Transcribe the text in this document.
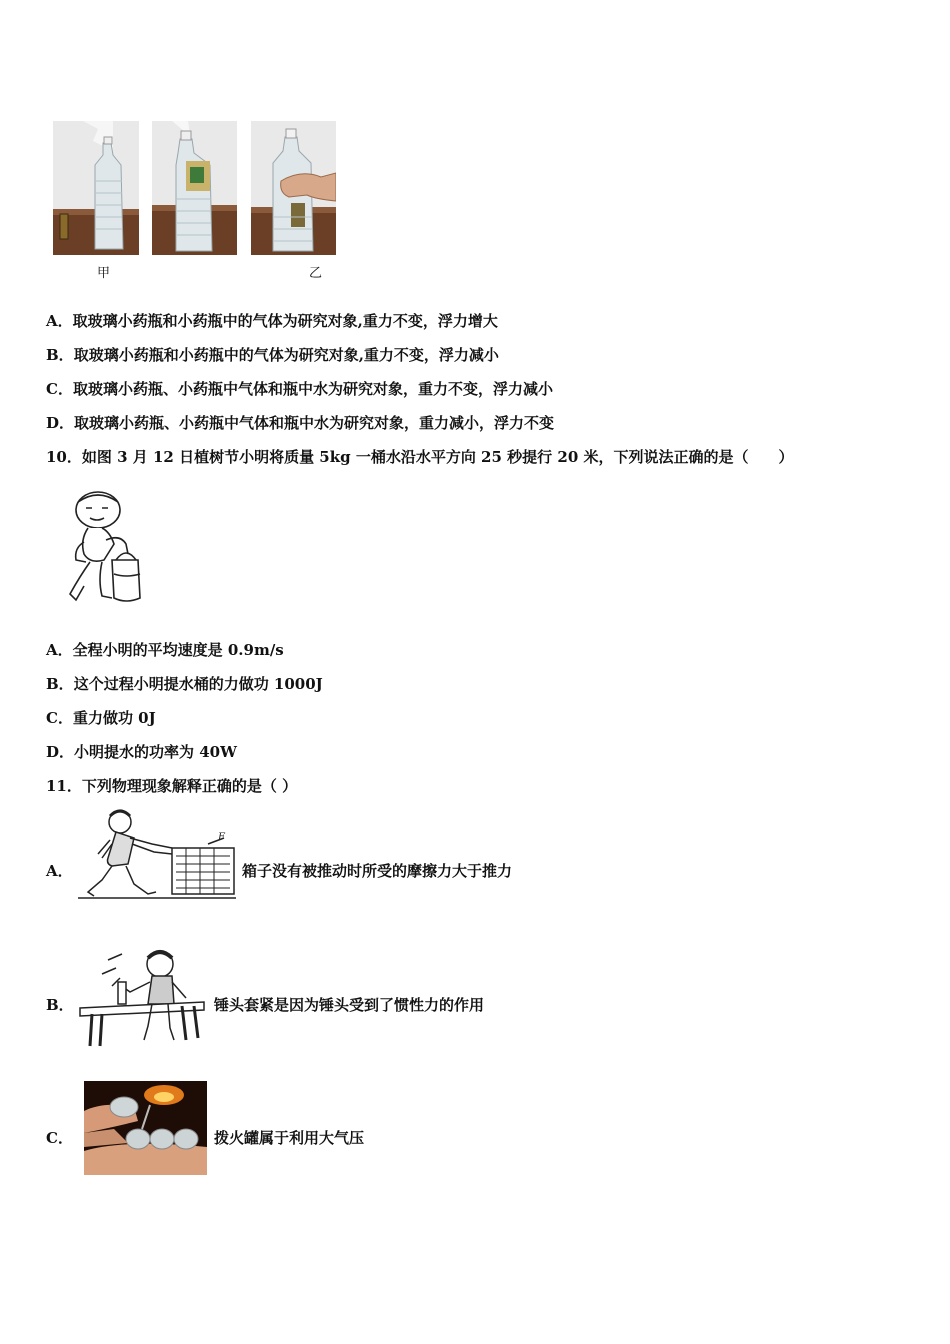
甲	乙
A．取玻璃小药瓶和小药瓶中的气体为研究对象,重力不变，浮力增大
B．取玻璃小药瓶和小药瓶中的气体为研究对象,重力不变，浮力减小
C．取玻璃小药瓶、小药瓶中气体和瓶中水为研究对象，重力不变，浮力减小
D．取玻璃小药瓶、小药瓶中气体和瓶中水为研究对象，重力减小，浮力不变
10．如图 3 月 12 日植树节小明将质量 5kg 一桶水沿水平方向 25 秒提行 20 米，下列说法正确的是（　　）
A．全程小明的平均速度是 0.9m/s
B．这个过程小明提水桶的力做功 1000J
C．重力做功 0J
D．小明提水的功率为 40W
11．下列物理现象解释正确的是（ ）
A．
F
箱子没有被推动时所受的摩擦力大于推力
B．	锤头套紧是因为锤头受到了惯性力的作用
C．	拨火罐属于利用大气压
